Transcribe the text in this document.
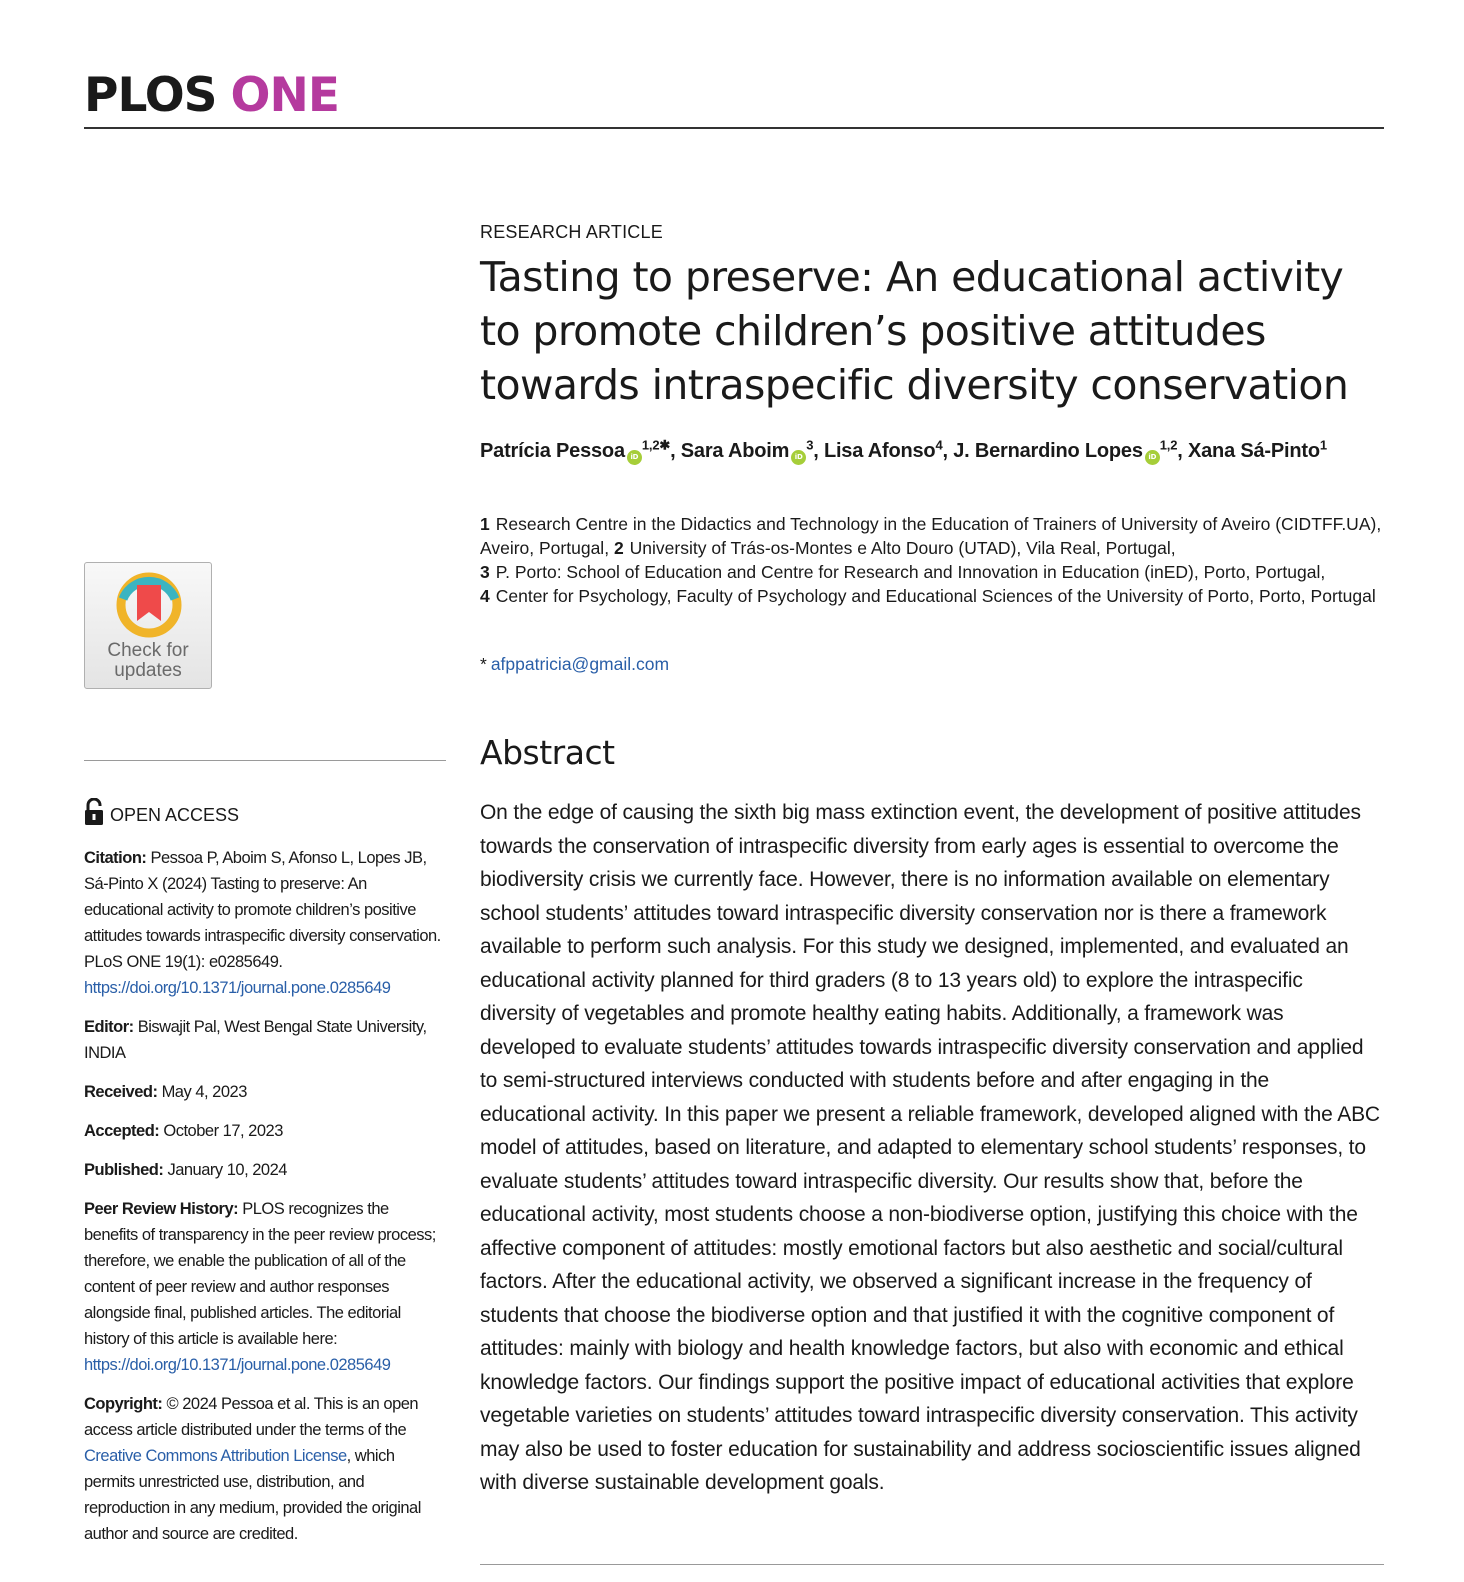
PLOS ONE
RESEARCH ARTICLE
Tasting to preserve: An educational activity to promote children’s positive attitudes towards intraspecific diversity conservation
Patrícia Pessoa $iD^{1,2✱}$, Sara Aboim $iD^3$, Lisa Afonso$^4$, J. Bernardino Lopes iD$^{1,2}$, Xana Sá-Pinto$^1$
1 Research Centre in the Didactics and Technology in the Education of Trainers of University of Aveiro (CIDTFF.UA), Aveiro, Portugal, 2 University of Trás-os-Montes e Alto Douro (UTAD), Vila Real, Portugal,
3 P. Porto: School of Education and Centre for Research and Innovation in Education (inED), Porto, Portugal,
4 Center for Psychology, Faculty of Psychology and Educational Sciences of the University of Porto, Porto, Portugal
* afppatricia@gmail.com
Abstract

On the edge of causing the sixth big mass extinction event, the development of positive attitudes towards the conservation of intraspecific diversity from early ages is essential to overcome the biodiversity crisis we currently face. However, there is no information available on elementary school students’ attitudes toward intraspecific diversity conservation nor is there a framework available to perform such analysis. For this study we designed, implemented, and evaluated an educational activity planned for third graders (8 to 13 years old) to explore the intraspecific diversity of vegetables and promote healthy eating habits. Additionally, a framework was developed to evaluate students’ attitudes towards intraspecific diversity conservation and applied to semi-structured interviews conducted with students before and after engaging in the educational activity. In this paper we present a reliable framework, developed aligned with the ABC model of attitudes, based on literature, and adapted to elementary school students’ responses, to evaluate students’ attitudes toward intraspecific diversity. Our results show that, before the educational activity, most students choose a non-biodiverse option, justifying this choice with the affective component of attitudes: mostly emotional factors but also aesthetic and social/cultural factors. After the educational activity, we observed a significant increase in the frequency of students that choose the biodiverse option and that justified it with the cognitive component of attitudes: mainly with biology and health knowledge factors, but also with economic and ethical knowledge factors. Our findings support the positive impact of educational activities that explore vegetable varieties on students’ attitudes toward intraspecific diversity conservation. This activity may also be used to foster education for sustainability and address socioscientific issues aligned with diverse sustainable development goals.

Check for
updates
OPEN ACCESS

Citation: Pessoa P, Aboim S, Afonso L, Lopes JB, Sá-Pinto X (2024) Tasting to preserve: An educational activity to promote children’s positive attitudes towards intraspecific diversity conservation. PLoS ONE 19(1): e0285649. https://doi.org/10.1371/journal.pone.0285649

Editor: Biswajit Pal, West Bengal State University, INDIA

Received: May 4, 2023

Accepted: October 17, 2023

Published: January 10, 2024

Peer Review History: PLOS recognizes the benefits of transparency in the peer review process; therefore, we enable the publication of all of the content of peer review and author responses alongside final, published articles. The editorial history of this article is available here: https://doi.org/10.1371/journal.pone.0285649

Copyright: © 2024 Pessoa et al. This is an open access article distributed under the terms of the Creative Commons Attribution License, which permits unrestricted use, distribution, and reproduction in any medium, provided the original author and source are credited.
